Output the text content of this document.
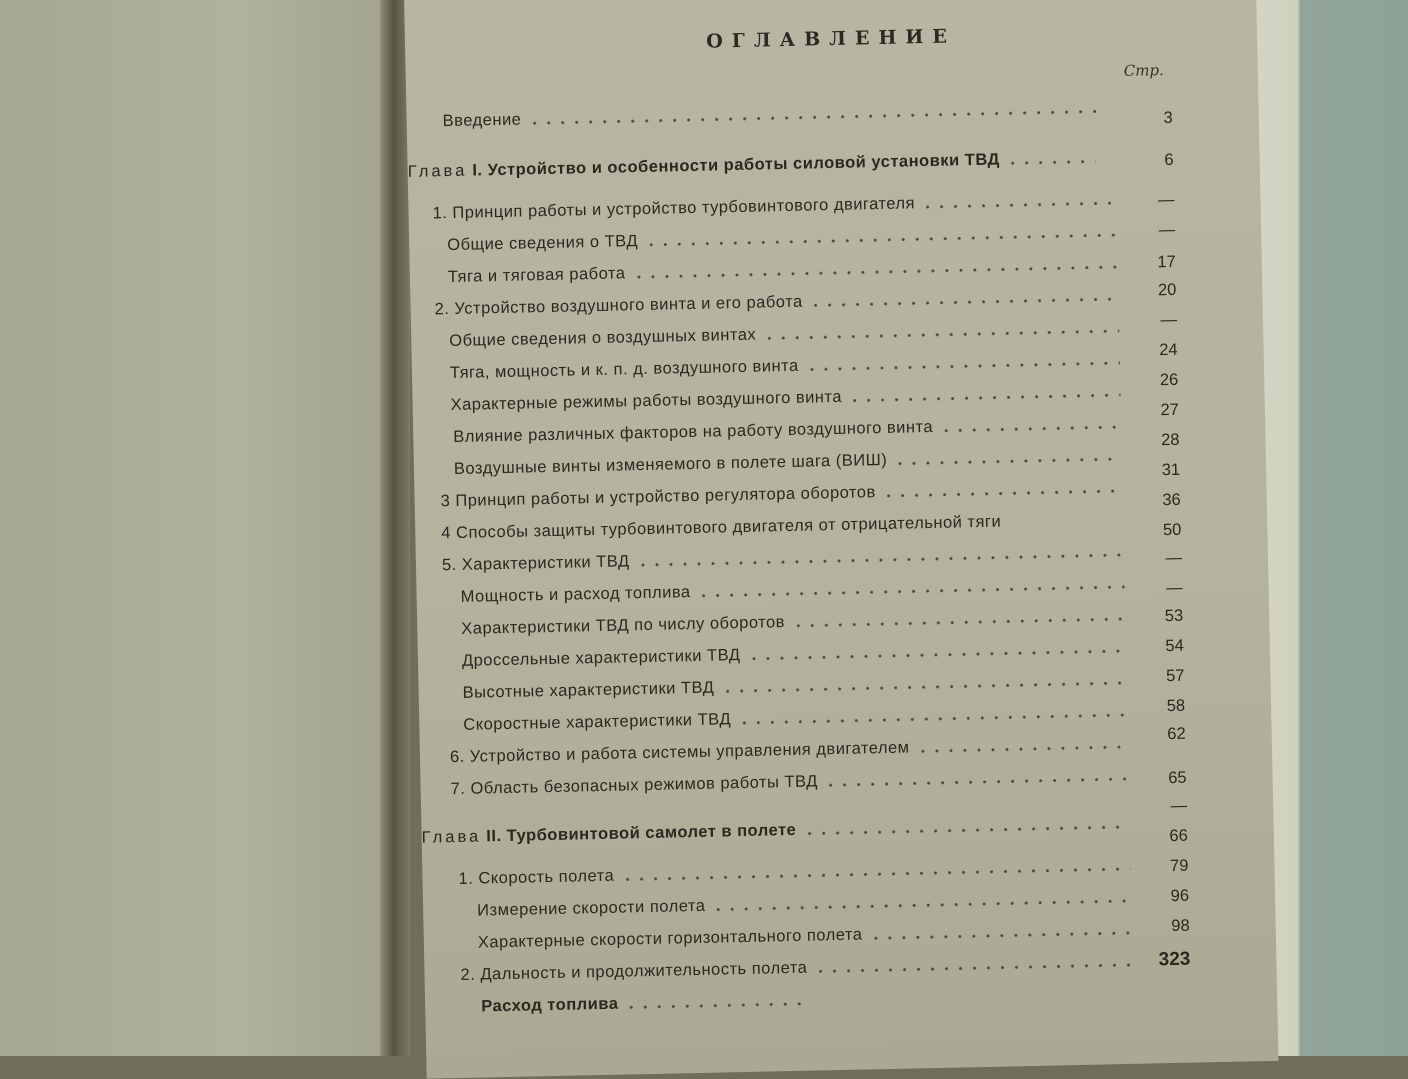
ОГЛАВЛЕНИЕ
Стр.
Введение
Глава I. Устройство и особенности работы силовой установки ТВД
1. Принцип работы и устройство турбовинтового двигателя
Общие сведения о ТВД
Тяга и тяговая работа
2. Устройство воздушного винта и его работа
Общие сведения о воздушных винтах
Тяга, мощность и к. п. д. воздушного винта
Характерные режимы работы воздушного винта
Влияние различных факторов на работу воздушного винта
Воздушные винты изменяемого в полете шага (ВИШ)
3 Принцип работы и устройство регулятора оборотов
4 Способы защиты турбовинтового двигателя от отрицательной тяги
5. Характеристики ТВД
Мощность и расход топлива
Характеристики ТВД по числу оборотов
Дроссельные характеристики ТВД
Высотные характеристики ТВД
Скоростные характеристики ТВД
6. Устройство и работа системы управления двигателем
7. Область безопасных режимов работы ТВД
Глава II. Турбовинтовой самолет в полете
1. Скорость полета
Измерение скорости полета
Характерные скорости горизонтального полета
2. Дальность и продолжительность полета
Расход топлива
3
6
—
—
17
20
—
24
26
27
28
31
36
50
—
—
53
54
57
58
62
65
—
66
79
96
98
323
